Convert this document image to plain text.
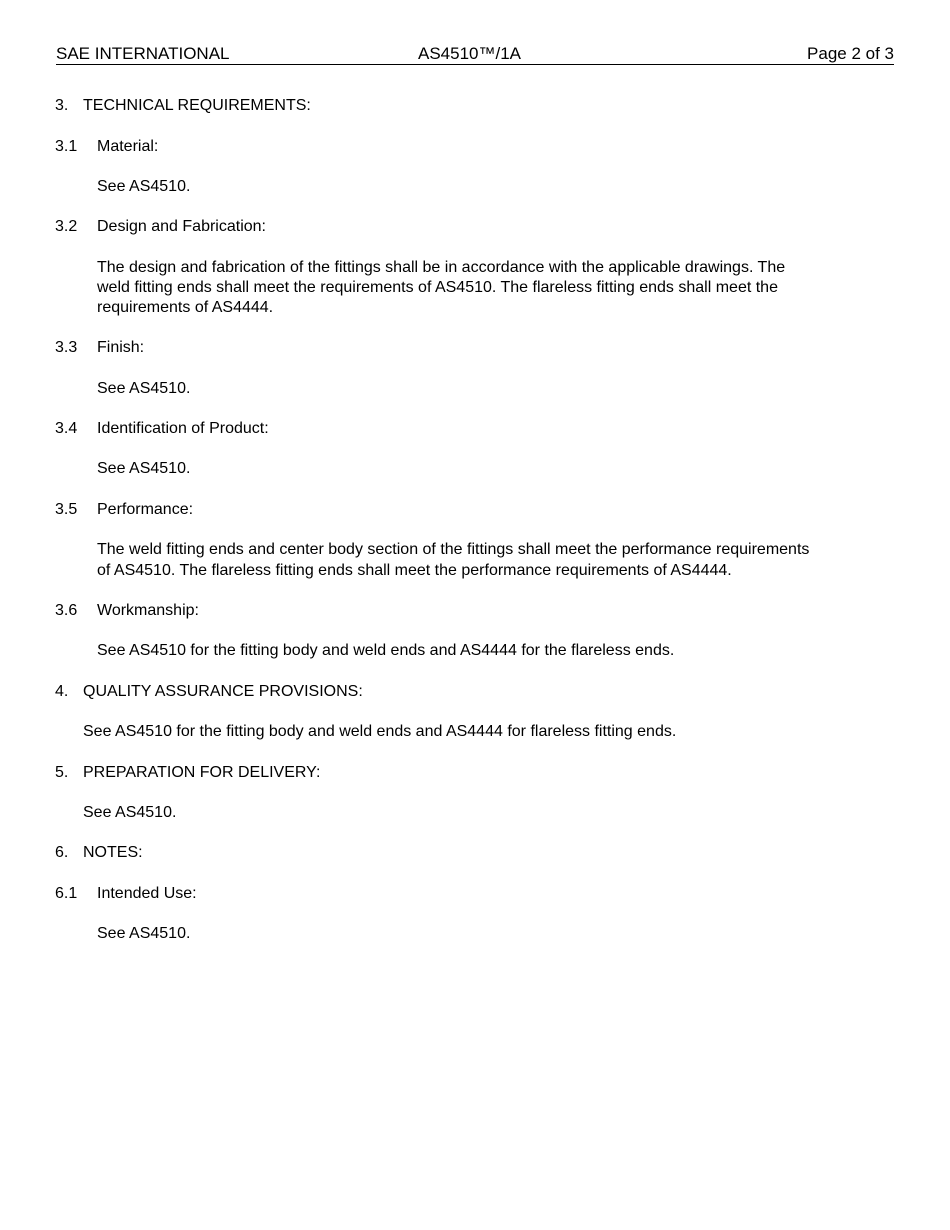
SAE INTERNATIONAL	AS4510™/1A	Page 2 of 3
3. TECHNICAL REQUIREMENTS:
3.1 Material:
See AS4510.
3.2 Design and Fabrication:
The design and fabrication of the fittings shall be in accordance with the applicable drawings. The
weld fitting ends shall meet the requirements of AS4510. The flareless fitting ends shall meet the
requirements of AS4444.
3.3 Finish:
See AS4510.
3.4 Identification of Product:
See AS4510.
3.5 Performance:
The weld fitting ends and center body section of the fittings shall meet the performance requirements
of AS4510. The flareless fitting ends shall meet the performance requirements of AS4444.
3.6 Workmanship:
See AS4510 for the fitting body and weld ends and AS4444 for the flareless ends.
4. QUALITY ASSURANCE PROVISIONS:
See AS4510 for the fitting body and weld ends and AS4444 for flareless fitting ends.
5. PREPARATION FOR DELIVERY:
See AS4510.
6. NOTES:
6.1 Intended Use:
See AS4510.
